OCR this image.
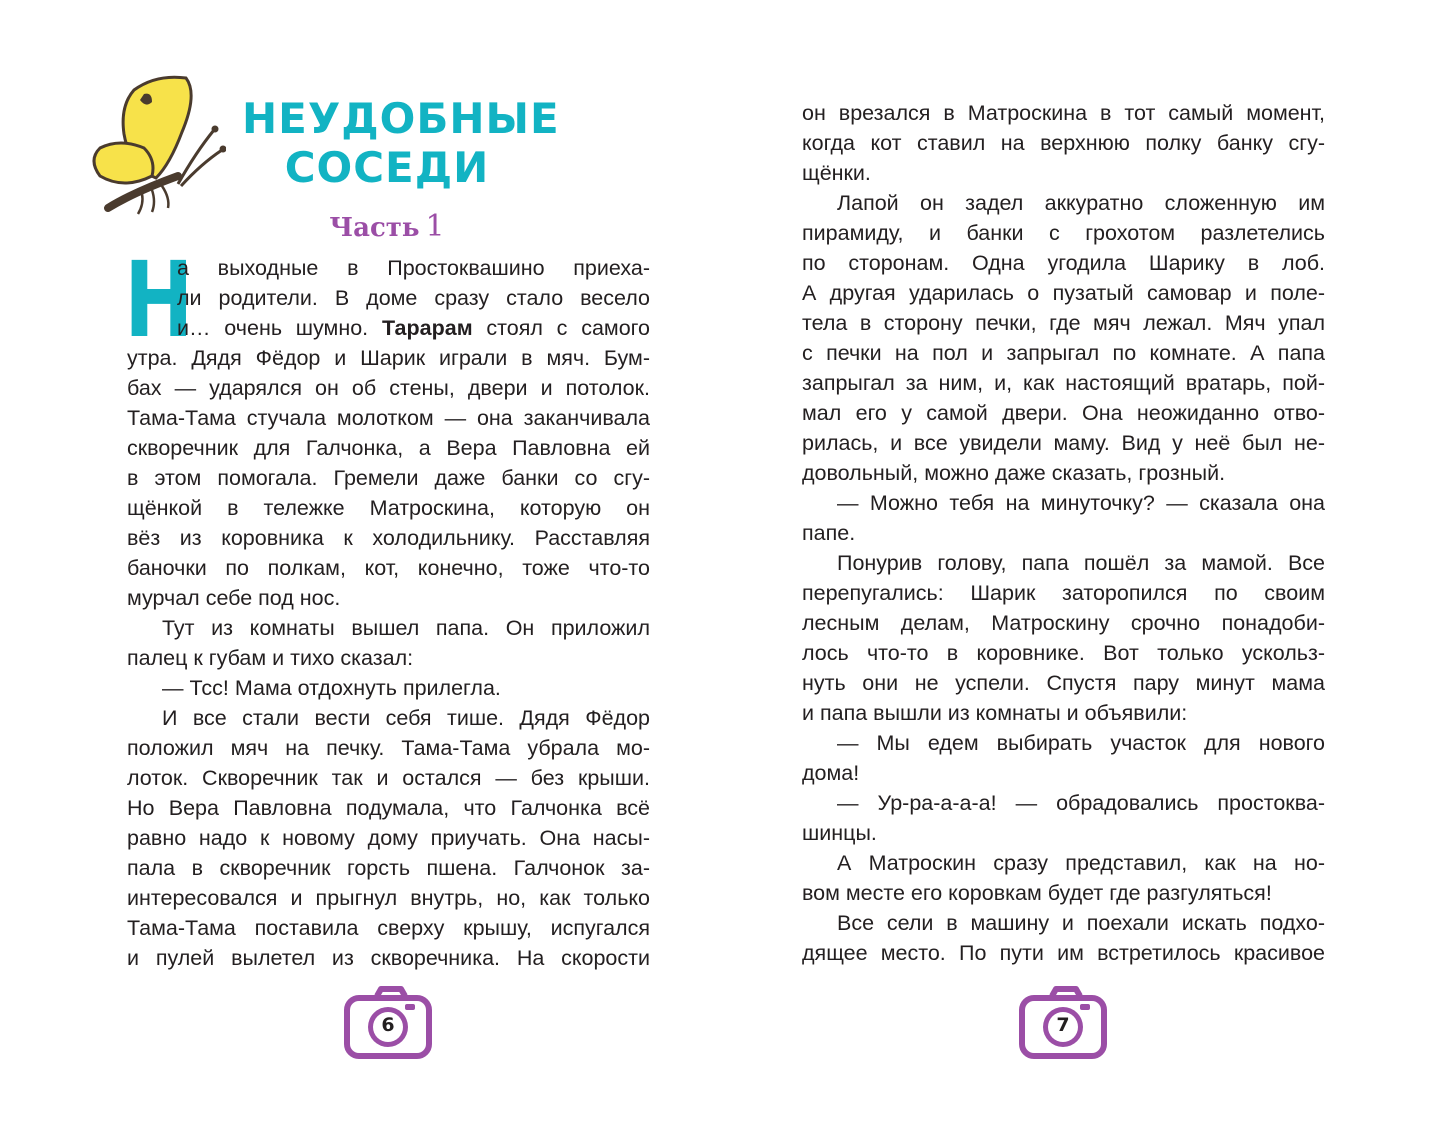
НЕУДОБНЫЕ
СОСЕДИ
Часть 1
Н
а выходные в Простоквашино приеха-
ли родители. В доме сразу стало весело
и… очень шумно. Тарарам стоял с самого
утра. Дядя Фёдор и Шарик играли в мяч. Бум-
бах — ударялся он об стены, двери и потолок.
Тама-Тама стучала молотком — она заканчивала
скворечник для Галчонка, а Вера Павловна ей
в этом помогала. Гремели даже банки со сгу-
щёнкой в тележке Матроскина, которую он
вёз из коровника к холодильнику. Расставляя
баночки по полкам, кот, конечно, тоже что-то
мурчал себе под нос.
Тут из комнаты вышел папа. Он приложил
палец к губам и тихо сказал:
— Тсс! Мама отдохнуть прилегла.
И все стали вести себя тише. Дядя Фёдор
положил мяч на печку. Тама-Тама убрала мо-
лоток. Скворечник так и остался — без крыши.
Но Вера Павловна подумала, что Галчонка всё
равно надо к новому дому приучать. Она насы-
пала в скворечник горсть пшена. Галчонок за-
интересовался и прыгнул внутрь, но, как только
Тама-Тама поставила сверху крышу, испугался
и пулей вылетел из скворечника. На скорости
6
он врезался в Матроскина в тот самый момент,
когда кот ставил на верхнюю полку банку сгу-
щёнки.
Лапой он задел аккуратно сложенную им
пирамиду, и банки с грохотом разлетелись
по сторонам. Одна угодила Шарику в лоб.
А другая ударилась о пузатый самовар и поле-
тела в сторону печки, где мяч лежал. Мяч упал
с печки на пол и запрыгал по комнате. А папа
запрыгал за ним, и, как настоящий вратарь, пой-
мал его у самой двери. Она неожиданно отво-
рилась, и все увидели маму. Вид у неё был не-
довольный, можно даже сказать, грозный.
— Можно тебя на минуточку? — сказала она
папе.
Понурив голову, папа пошёл за мамой. Все
перепугались: Шарик заторопился по своим
лесным делам, Матроскину срочно понадоби-
лось что-то в коровнике. Вот только ускольз-
нуть они не успели. Спустя пару минут мама
и папа вышли из комнаты и объявили:
— Мы едем выбирать участок для нового
дома!
— Ур-ра-а-а-а! — обрадовались простоква-
шинцы.
А Матроскин сразу представил, как на но-
вом месте его коровкам будет где разгуляться!
Все сели в машину и поехали искать подхо-
дящее место. По пути им встретилось красивое
7
